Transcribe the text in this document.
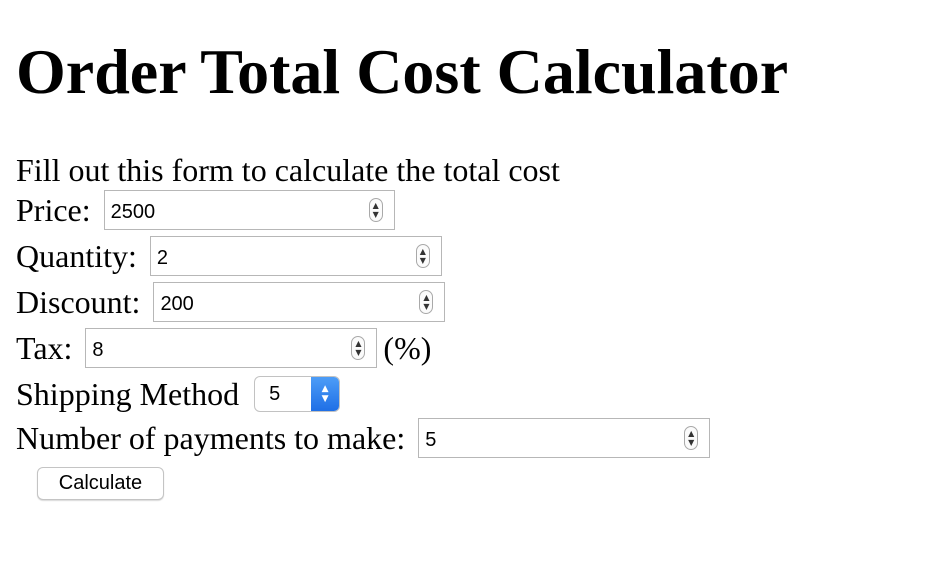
Order Total Cost Calculator
Fill out this form to calculate the total cost
Price:
2500	▲
▼
Quantity:
2	▲
▼
Discount:
200	▲
▼
Tax:
8	▲
▼ (%)
Shipping Method 5	▲
▼
Number of payments to make:
5	▲
▼
Calculate
